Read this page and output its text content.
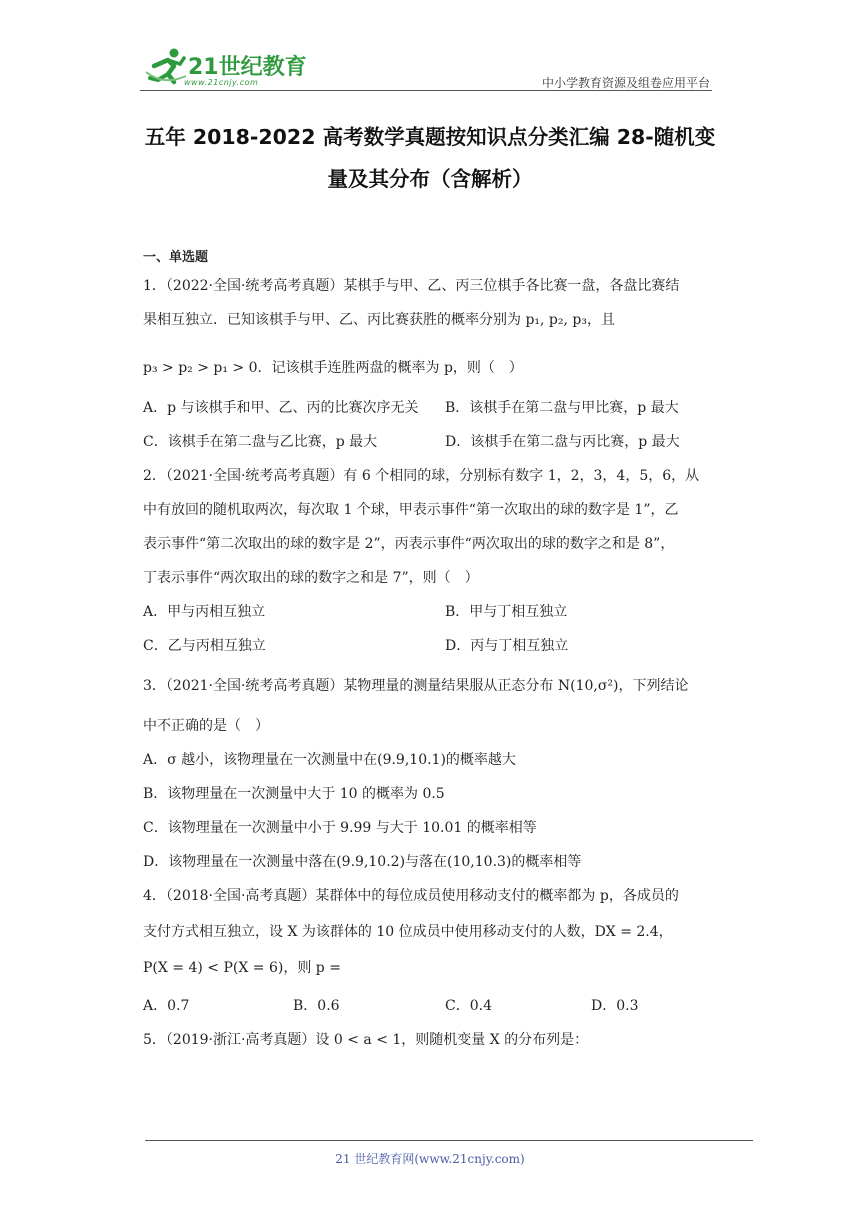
21世纪教育
www.21cnjy.com	中小学教育资源及组卷应用平台
五年 2018-2022 高考数学真题按知识点分类汇编 28-随机变
量及其分布（含解析）
一、单选题
1．（2022·全国·统考高考真题）某棋手与甲、乙、丙三位棋手各比赛一盘，各盘比赛结
果相互独立．已知该棋手与甲、乙、丙比赛获胜的概率分别为 p₁, p₂, p₃，且
p₃ > p₂ > p₁ > 0．记该棋手连胜两盘的概率为 p，则（　）
A．p 与该棋手和甲、乙、丙的比赛次序无关 B．该棋手在第二盘与甲比赛，p 最大
C．该棋手在第二盘与乙比赛，p 最大	D．该棋手在第二盘与丙比赛，p 最大
2．（2021·全国·统考高考真题）有 6 个相同的球，分别标有数字 1，2，3，4，5，6，从
中有放回的随机取两次，每次取 1 个球，甲表示事件“第一次取出的球的数字是 1”，乙
表示事件“第二次取出的球的数字是 2”，丙表示事件“两次取出的球的数字之和是 8”，
丁表示事件“两次取出的球的数字之和是 7”，则（　）
A．甲与丙相互独立	B．甲与丁相互独立
C．乙与丙相互独立	D．丙与丁相互独立
3．（2021·全国·统考高考真题）某物理量的测量结果服从正态分布 N(10,σ²)，下列结论
中不正确的是（　）
A．σ 越小，该物理量在一次测量中在(9.9,10.1)的概率越大
B．该物理量在一次测量中大于 10 的概率为 0.5
C．该物理量在一次测量中小于 9.99 与大于 10.01 的概率相等
D．该物理量在一次测量中落在(9.9,10.2)与落在(10,10.3)的概率相等
4．（2018·全国·高考真题）某群体中的每位成员使用移动支付的概率都为 p，各成员的
支付方式相互独立，设 X 为该群体的 10 位成员中使用移动支付的人数，DX = 2.4，
P(X = 4) < P(X = 6)，则 p =
A．0.7	B．0.6	C．0.4	D．0.3
5．（2019·浙江·高考真题）设 0 < a < 1，则随机变量 X 的分布列是：
21 世纪教育网(www.21cnjy.com)
